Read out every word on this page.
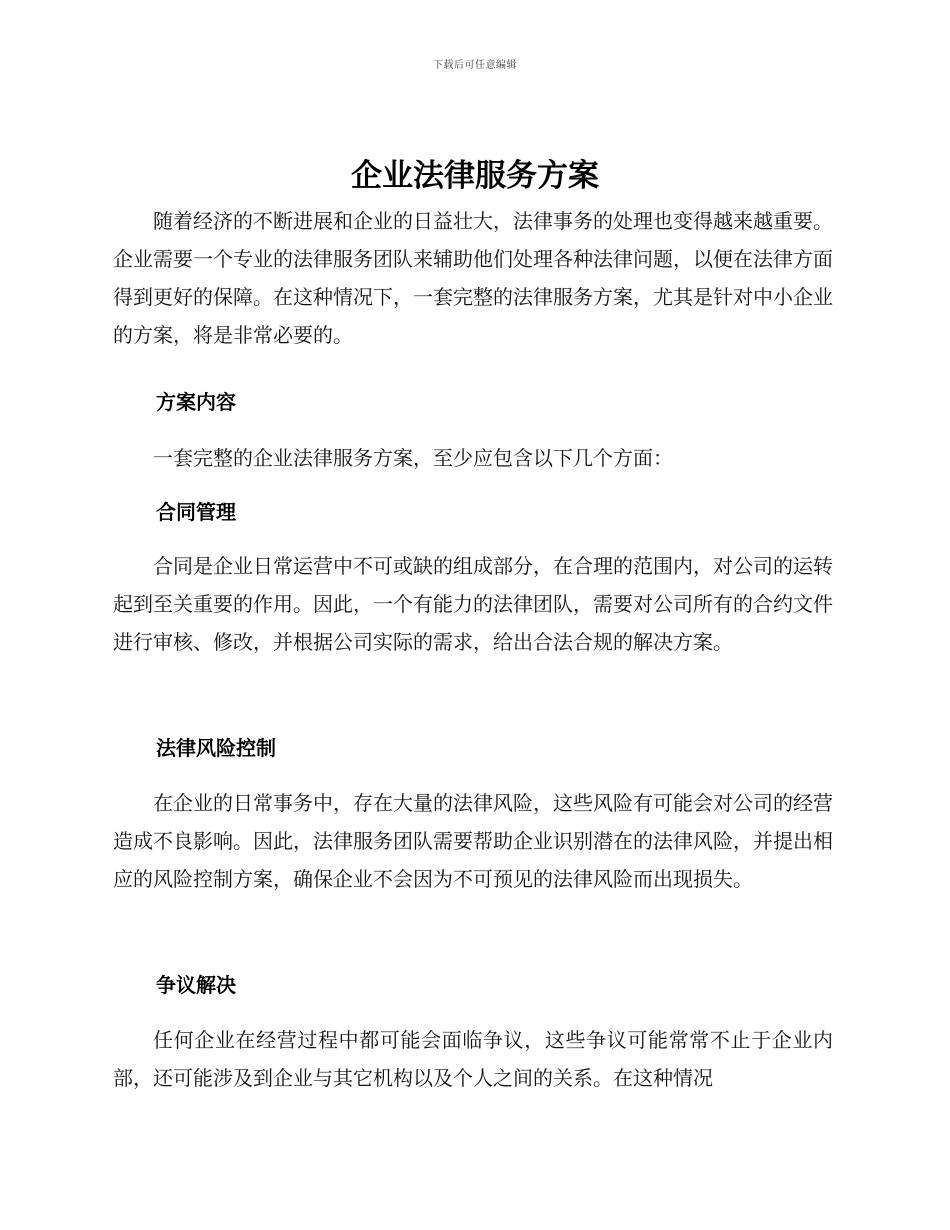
下载后可任意编辑
企业法律服务方案

随着经济的不断进展和企业的日益壮大，法律事务的处理也变得越来越重要。企业需要一个专业的法律服务团队来辅助他们处理各种法律问题，以便在法律方面得到更好的保障。在这种情况下，一套完整的法律服务方案，尤其是针对中小企业的方案，将是非常必要的。

方案内容

一套完整的企业法律服务方案，至少应包含以下几个方面：

合同管理

合同是企业日常运营中不可或缺的组成部分，在合理的范围内，对公司的运转起到至关重要的作用。因此，一个有能力的法律团队，需要对公司所有的合约文件进行审核、修改，并根据公司实际的需求，给出合法合规的解决方案。

法律风险控制

在企业的日常事务中，存在大量的法律风险，这些风险有可能会对公司的经营造成不良影响。因此，法律服务团队需要帮助企业识别潜在的法律风险，并提出相应的风险控制方案，确保企业不会因为不可预见的法律风险而出现损失。

争议解决

任何企业在经营过程中都可能会面临争议，这些争议可能常常不止于企业内部，还可能涉及到企业与其它机构以及个人之间的关系。在这种情况
